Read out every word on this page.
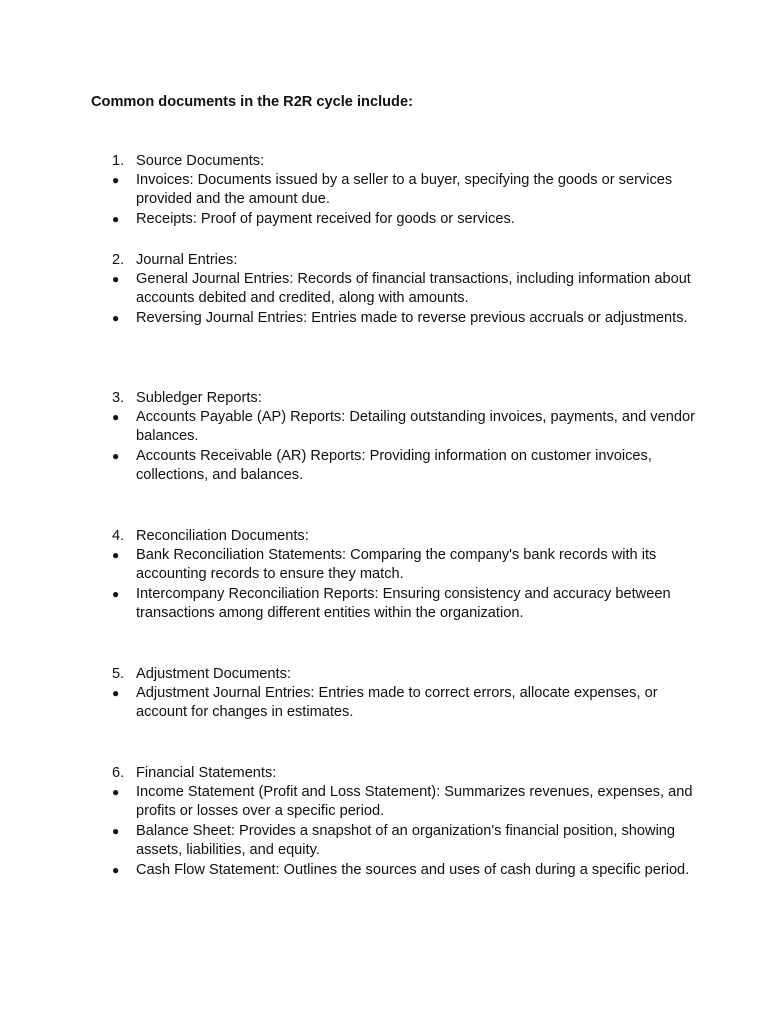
Common documents in the R2R cycle include:

1. Source Documents:
●	Invoices: Documents issued by a seller to a buyer, specifying the goods or services provided and the amount due.
●	Receipts: Proof of payment received for goods or services.
2. Journal Entries:
●	General Journal Entries: Records of financial transactions, including information about accounts debited and credited, along with amounts.
●	Reversing Journal Entries: Entries made to reverse previous accruals or adjustments.
3. Subledger Reports:
●	Accounts Payable (AP) Reports: Detailing outstanding invoices, payments, and vendor balances.
●	Accounts Receivable (AR) Reports: Providing information on customer invoices, collections, and balances.
4. Reconciliation Documents:
●	Bank Reconciliation Statements: Comparing the company's bank records with its accounting records to ensure they match.
●	Intercompany Reconciliation Reports: Ensuring consistency and accuracy between transactions among different entities within the organization.
5. Adjustment Documents:
●	Adjustment Journal Entries: Entries made to correct errors, allocate expenses, or account for changes in estimates.
6. Financial Statements:
●	Income Statement (Profit and Loss Statement): Summarizes revenues, expenses, and profits or losses over a specific period.
●	Balance Sheet: Provides a snapshot of an organization's financial position, showing assets, liabilities, and equity.
●	Cash Flow Statement: Outlines the sources and uses of cash during a specific period.
